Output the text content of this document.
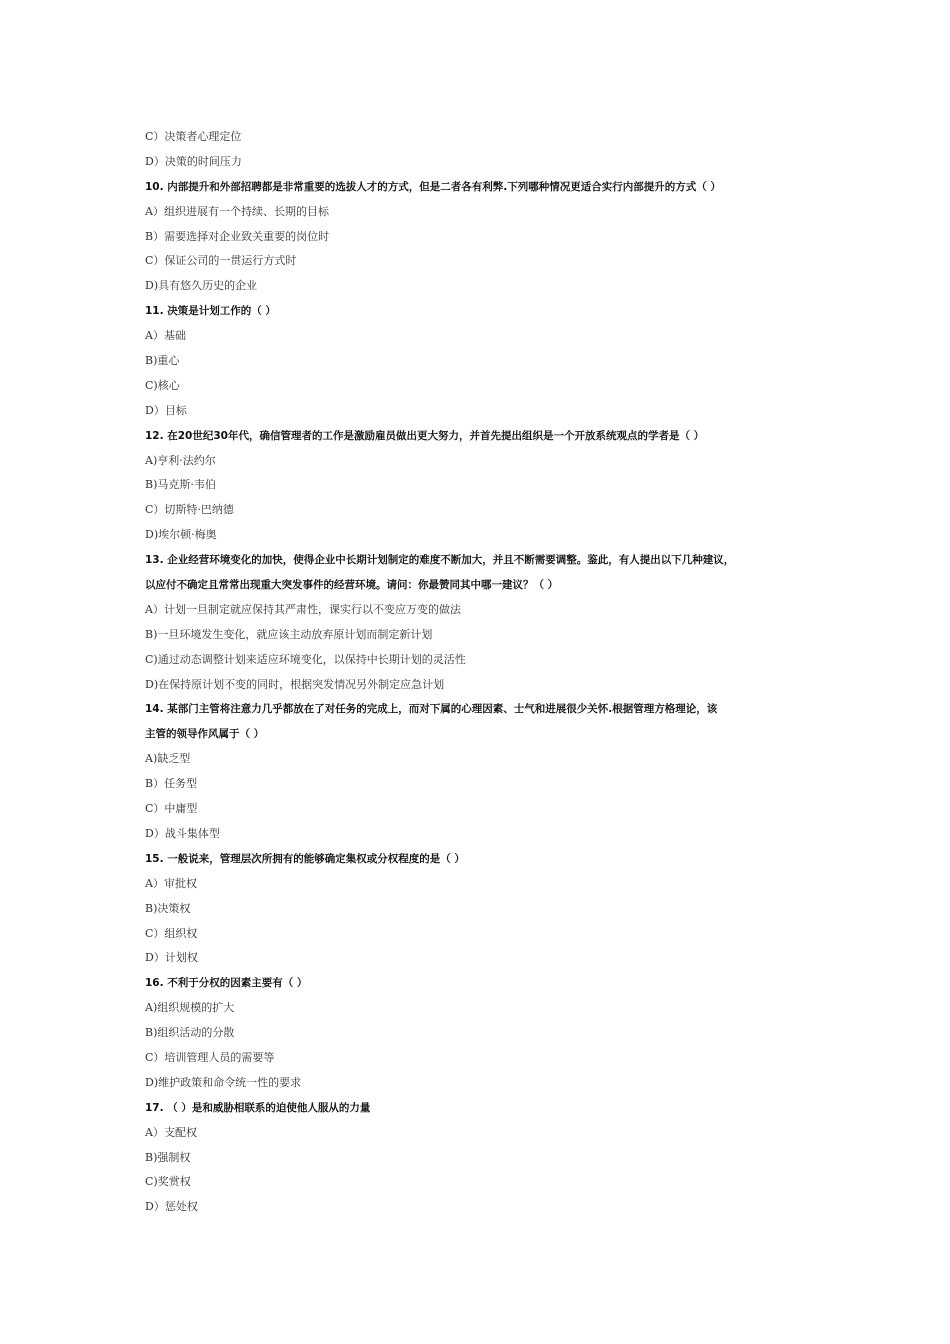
C）决策者心理定位
D）决策的时间压力
10. 内部提升和外部招聘都是非常重要的选拔人才的方式，但是二者各有利弊.下列哪种情况更适合实行内部提升的方式（ ）
A）组织进展有一个持续、长期的目标
B）需要选择对企业致关重要的岗位时
C）保证公司的一贯运行方式时
D)具有悠久历史的企业
11. 决策是计划工作的（ ）
A）基础
B)重心
C)核心
D）目标
12. 在20世纪30年代，确信管理者的工作是激励雇员做出更大努力，并首先提出组织是一个开放系统观点的学者是（ ）
A)亨利·法约尔
B)马克斯·韦伯
C）切斯特·巴纳德
D)埃尔顿·梅奥
13. 企业经营环境变化的加快，使得企业中长期计划制定的难度不断加大，并且不断需要调整。鉴此，有人提出以下几种建议，
以应付不确定且常常出现重大突发事件的经营环境。请问：你最赞同其中哪一建议？（ ）
A）计划一旦制定就应保持其严肃性，课实行以不变应万变的做法
B)一旦环境发生变化，就应该主动放弃原计划而制定新计划
C)通过动态调整计划来适应环境变化，以保持中长期计划的灵活性
D)在保持原计划不变的同时，根据突发情况另外制定应急计划
14. 某部门主管将注意力几乎都放在了对任务的完成上，而对下属的心理因素、士气和进展很少关怀.根据管理方格理论，该
主管的领导作风属于（ ）
A)缺乏型
B）任务型
C）中庸型
D）战斗集体型
15. 一般说来，管理层次所拥有的能够确定集权或分权程度的是（ ）
A）审批权
B)决策权
C）组织权
D）计划权
16. 不利于分权的因素主要有（ ）
A)组织规模的扩大
B)组织活动的分散
C）培训管理人员的需要等
D)维护政策和命令统一性的要求
17. （ ）是和威胁相联系的迫使他人服从的力量
A）支配权
B)强制权
C)奖赏权
D）惩处权
